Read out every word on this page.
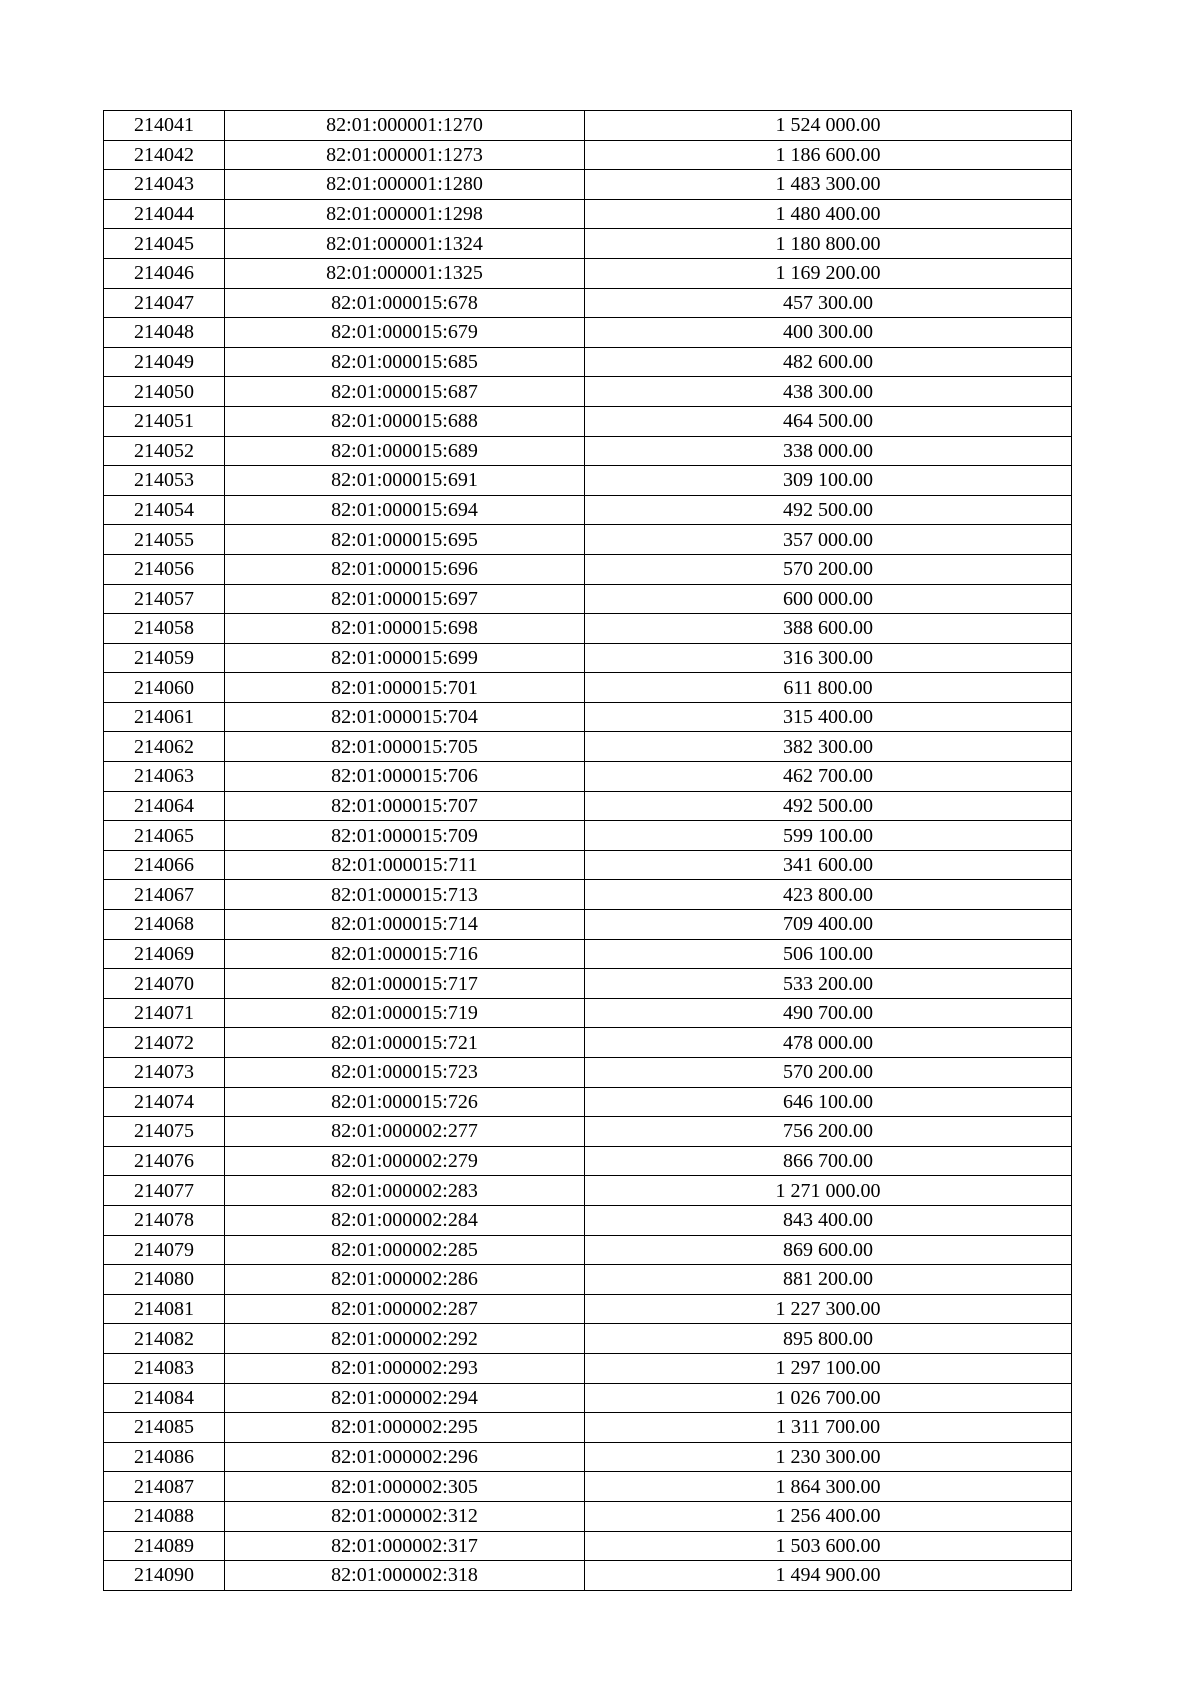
214041	82:01:000001:1270	1 524 000.00
214042	82:01:000001:1273	1 186 600.00
214043	82:01:000001:1280	1 483 300.00
214044	82:01:000001:1298	1 480 400.00
214045	82:01:000001:1324	1 180 800.00
214046	82:01:000001:1325	1 169 200.00
214047	82:01:000015:678	457 300.00
214048	82:01:000015:679	400 300.00
214049	82:01:000015:685	482 600.00
214050	82:01:000015:687	438 300.00
214051	82:01:000015:688	464 500.00
214052	82:01:000015:689	338 000.00
214053	82:01:000015:691	309 100.00
214054	82:01:000015:694	492 500.00
214055	82:01:000015:695	357 000.00
214056	82:01:000015:696	570 200.00
214057	82:01:000015:697	600 000.00
214058	82:01:000015:698	388 600.00
214059	82:01:000015:699	316 300.00
214060	82:01:000015:701	611 800.00
214061	82:01:000015:704	315 400.00
214062	82:01:000015:705	382 300.00
214063	82:01:000015:706	462 700.00
214064	82:01:000015:707	492 500.00
214065	82:01:000015:709	599 100.00
214066	82:01:000015:711	341 600.00
214067	82:01:000015:713	423 800.00
214068	82:01:000015:714	709 400.00
214069	82:01:000015:716	506 100.00
214070	82:01:000015:717	533 200.00
214071	82:01:000015:719	490 700.00
214072	82:01:000015:721	478 000.00
214073	82:01:000015:723	570 200.00
214074	82:01:000015:726	646 100.00
214075	82:01:000002:277	756 200.00
214076	82:01:000002:279	866 700.00
214077	82:01:000002:283	1 271 000.00
214078	82:01:000002:284	843 400.00
214079	82:01:000002:285	869 600.00
214080	82:01:000002:286	881 200.00
214081	82:01:000002:287	1 227 300.00
214082	82:01:000002:292	895 800.00
214083	82:01:000002:293	1 297 100.00
214084	82:01:000002:294	1 026 700.00
214085	82:01:000002:295	1 311 700.00
214086	82:01:000002:296	1 230 300.00
214087	82:01:000002:305	1 864 300.00
214088	82:01:000002:312	1 256 400.00
214089	82:01:000002:317	1 503 600.00
214090	82:01:000002:318	1 494 900.00
